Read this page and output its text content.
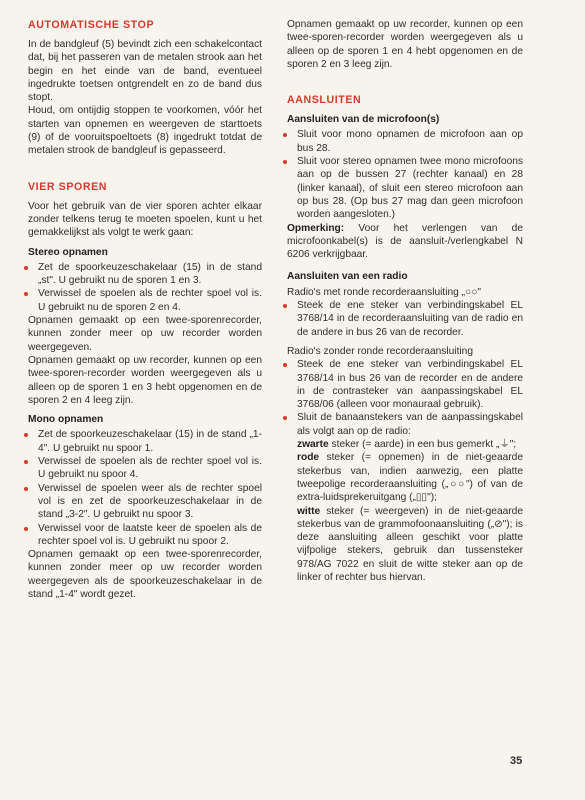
AUTOMATISCHE STOP

In de bandgleuf (5) bevindt zich een schakelcontact dat, bij het passeren van de metalen strook aan het begin en het einde van de band, eventueel ingedrukte toetsen ontgrendelt en zo de band dus stopt.

Houd, om ontijdig stoppen te voorkomen, vóór het starten van opnemen en weergeven de starttoets (9) of de vooruitspoeltoets (8) ingedrukt totdat de metalen strook de bandgleuf is gepasseerd.

VIER SPOREN

Voor het gebruik van de vier sporen achter elkaar zonder telkens terug te moeten spoelen, kunt u het gemakkelijkst als volgt te werk gaan:

Stereo opnamen
Zet de spoorkeuzeschakelaar (15) in de stand „st". U gebruikt nu de sporen 1 en 3.
Verwissel de spoelen als de rechter spoel vol is. U gebruikt nu de sporen 2 en 4.

Opnamen gemaakt op een twee-sporenrecorder, kunnen zonder meer op uw recorder worden weergegeven.

Opnamen gemaakt op uw recorder, kunnen op een twee-sporen-recorder worden weergegeven als u alleen op de sporen 1 en 3 hebt opgenomen en de sporen 2 en 4 leeg zijn.

Mono opnamen
Zet de spoorkeuzeschakelaar (15) in de stand „1-4". U gebruikt nu spoor 1.
Verwissel de spoelen als de rechter spoel vol is. U gebruikt nu spoor 4.
Verwissel de spoelen weer als de rechter spoel vol is en zet de spoorkeuzeschakelaar in de stand „3-2". U gebruikt nu spoor 3.
Verwissel voor de laatste keer de spoelen als de rechter spoel vol is. U gebruikt nu spoor 2.

Opnamen gemaakt op een twee-sporenrecorder, kunnen zonder meer op uw recorder worden weergegeven als de spoorkeuzeschakelaar in de stand „1-4" wordt gezet.

Opnamen gemaakt op uw recorder, kunnen op een twee-sporen-recorder worden weergegeven als u alleen op de sporen 1 en 4 hebt opgenomen en de sporen 2 en 3 leeg zijn.

AANSLUITEN
Aansluiten van de microfoon(s)
Sluit voor mono opnamen de microfoon aan op bus 28.
Sluit voor stereo opnamen twee mono microfoons aan op de bussen 27 (rechter kanaal) en 28 (linker kanaal), of sluit een stereo microfoon aan op bus 28. (Op bus 27 mag dan geen microfoon worden aangesloten.)

Opmerking: Voor het verlengen van de microfoonkabel(s) is de aansluit-/verlengkabel N 6206 verkrijgbaar.

Aansluiten van een radio

Radio's met ronde recorderaansluiting „○○"

Steek de ene steker van verbindingskabel EL 3768/14 in de recorderaansluiting van de radio en de andere in bus 26 van de recorder.

Radio's zonder ronde recorderaansluiting

Steek de ene steker van verbindingskabel EL 3768/14 in bus 26 van de recorder en de andere in de contrasteker van aanpassingskabel EL 3768/06 (alleen voor monauraal gebruik).
Sluit de banaanstekers van de aanpassingskabel als volgt aan op de radio:

zwarte steker (= aarde) in een bus gemerkt „⏚";

rode steker (= opnemen) in de niet-geaarde stekerbus van, indien aanwezig, een platte tweepolige recorderaansluiting („○○") of van de extra-luidsprekeruitgang („▯▯");

witte steker (= weergeven) in de niet-geaarde stekerbus van de grammofoonaansluiting („⊘"); is deze aansluiting alleen geschikt voor platte vijfpolige stekers, gebruik dan tussensteker 978/AG 7022 en sluit de witte steker aan op de linker of rechter bus hiervan.

35
